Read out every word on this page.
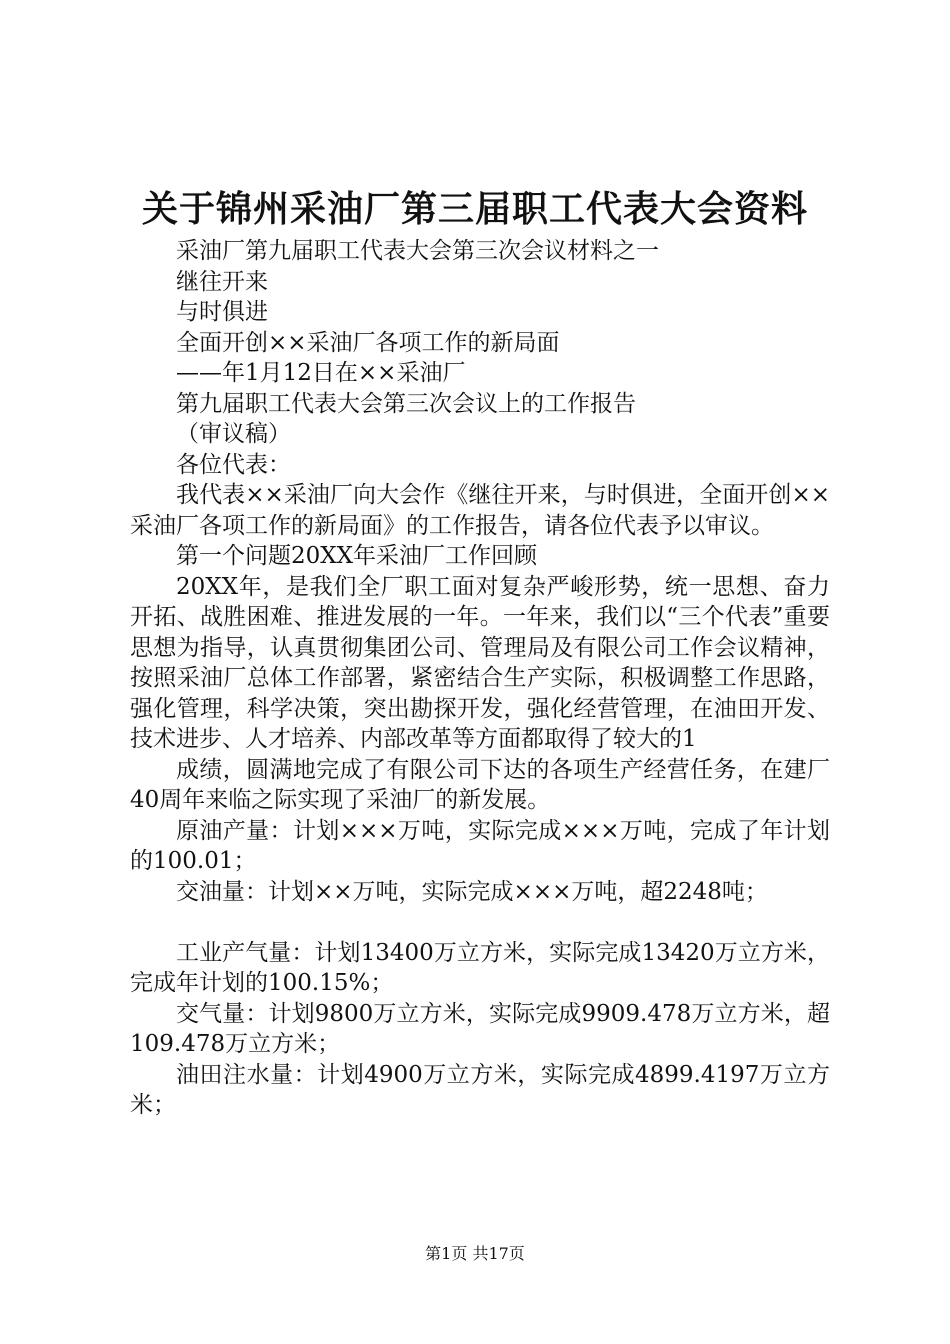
关于锦州采油厂第三届职工代表大会资料

采油厂第九届职工代表大会第三次会议材料之一

继往开来

与时俱进

全面开创××采油厂各项工作的新局面

——年1月12日在××采油厂

第九届职工代表大会第三次会议上的工作报告

（审议稿）

各位代表：

我代表××采油厂向大会作《继往开来，与时俱进，全面开创××采油厂各项工作的新局面》的工作报告，请各位代表予以审议。

第一个问题20XX年采油厂工作回顾

20XX年，是我们全厂职工面对复杂严峻形势，统一思想、奋力开拓、战胜困难、推进发展的一年。一年来，我们以“三个代表”重要思想为指导，认真贯彻集团公司、管理局及有限公司工作会议精神，按照采油厂总体工作部署，紧密结合生产实际，积极调整工作思路，强化管理，科学决策，突出勘探开发，强化经营管理，在油田开发、技术进步、人才培养、内部改革等方面都取得了较大的1

成绩，圆满地完成了有限公司下达的各项生产经营任务，在建厂40周年来临之际实现了采油厂的新发展。

原油产量：计划×××万吨，实际完成×××万吨，完成了年计划的100.01；

交油量：计划××万吨，实际完成×××万吨，超2248吨；

工业产气量：计划13400万立方米，实际完成13420万立方米，完成年计划的100.15%；

交气量：计划9800万立方米，实际完成9909.478万立方米，超109.478万立方米；

油田注水量：计划4900万立方米，实际完成4899.4197万立方米；

第1页 共17页
